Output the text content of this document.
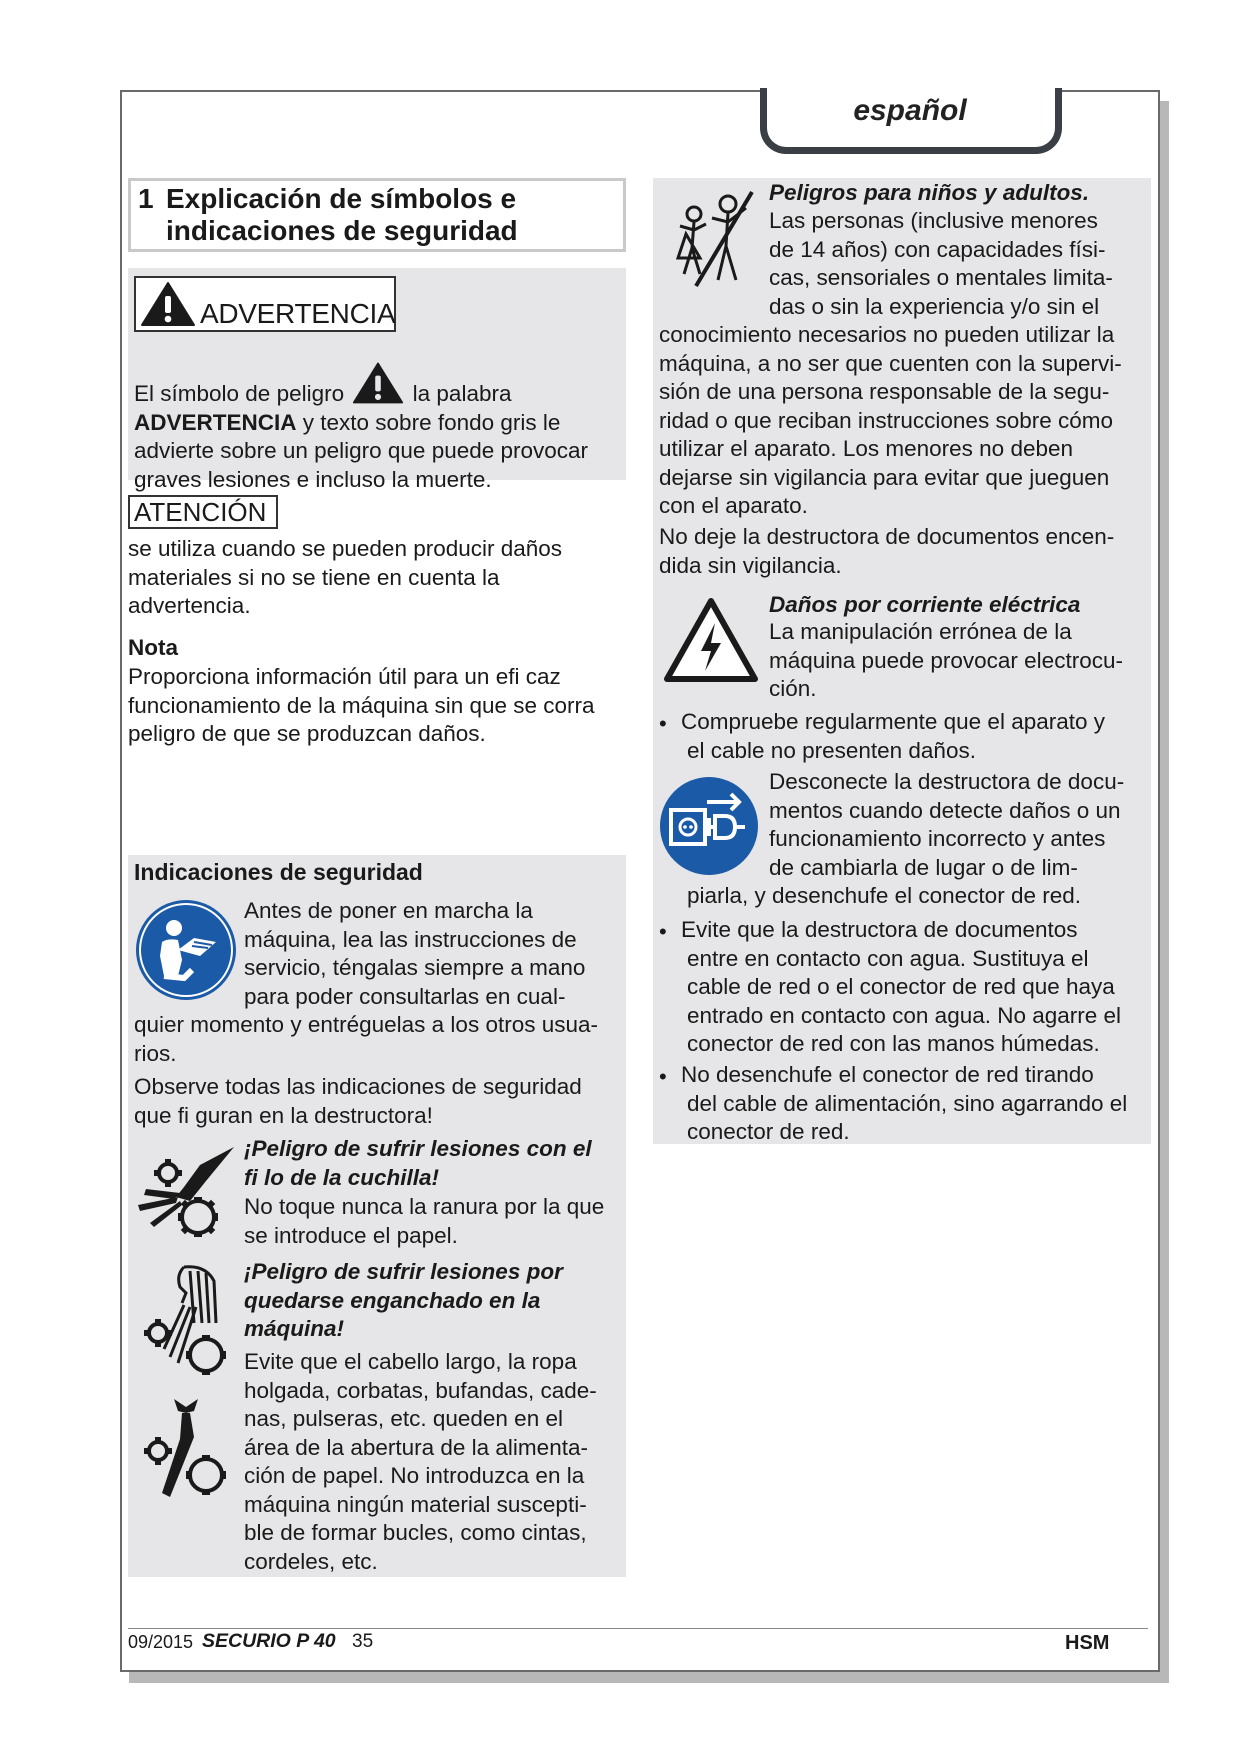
español
1 Explicación de símbolos e indicaciones de seguridad
ADVERTENCIA
El símbolo de peligro	la palabra
ADVERTENCIA y texto sobre fondo gris le
advierte sobre un peligro que puede provocar
graves lesiones e incluso la muerte.
ATENCIÓN
se utiliza cuando se pueden producir daños
materiales si no se tiene en cuenta la
advertencia.
Nota
Proporciona información útil para un efi caz
funcionamiento de la máquina sin que se corra
peligro de que se produzcan daños.
Indicaciones de seguridad
Antes de poner en marcha la
máquina, lea las instrucciones de
servicio, téngalas siempre a mano
para poder consultarlas en cual-
quier momento y entréguelas a los otros usua-
rios.
Observe todas las indicaciones de seguridad
que fi guran en la destructora!
¡Peligro de sufrir lesiones con el
fi lo de la cuchilla!
No toque nunca la ranura por la que
se introduce el papel.
¡Peligro de sufrir lesiones por
quedarse enganchado en la
máquina!
Evite que el cabello largo, la ropa
holgada, corbatas, bufandas, cade-
nas, pulseras, etc. queden en el
área de la abertura de la alimenta-
ción de papel. No introduzca en la
máquina ningún material suscepti-
ble de formar bucles, como cintas,
cordeles, etc.
Peligros para niños y adultos.
Las personas (inclusive menores
de 14 años) con capacidades físi-
cas, sensoriales o mentales limita-
das o sin la experiencia y/o sin el
conocimiento necesarios no pueden utilizar la
máquina, a no ser que cuenten con la supervi-
sión de una persona responsable de la segu-
ridad o que reciban instrucciones sobre cómo
utilizar el aparato. Los menores no deben
dejarse sin vigilancia para evitar que jueguen
con el aparato.
No deje la destructora de documentos encen-
dida sin vigilancia.
Daños por corriente eléctrica
La manipulación errónea de la
máquina puede provocar electrocu-
ción.
• Compruebe regularmente que el aparato y
el cable no presenten daños.
Desconecte la destructora de docu-
mentos cuando detecte daños o un
funcionamiento incorrecto y antes
de cambiarla de lugar o de lim-
piarla, y desenchufe el conector de red.
• Evite que la destructora de documentos
entre en contacto con agua. Sustituya el
cable de red o el conector de red que haya
entrado en contacto con agua. No agarre el
conector de red con las manos húmedas.
• No desenchufe el conector de red tirando
del cable de alimentación, sino agarrando el
conector de red.
09/2015 SECURIO P 40 35	HSM
